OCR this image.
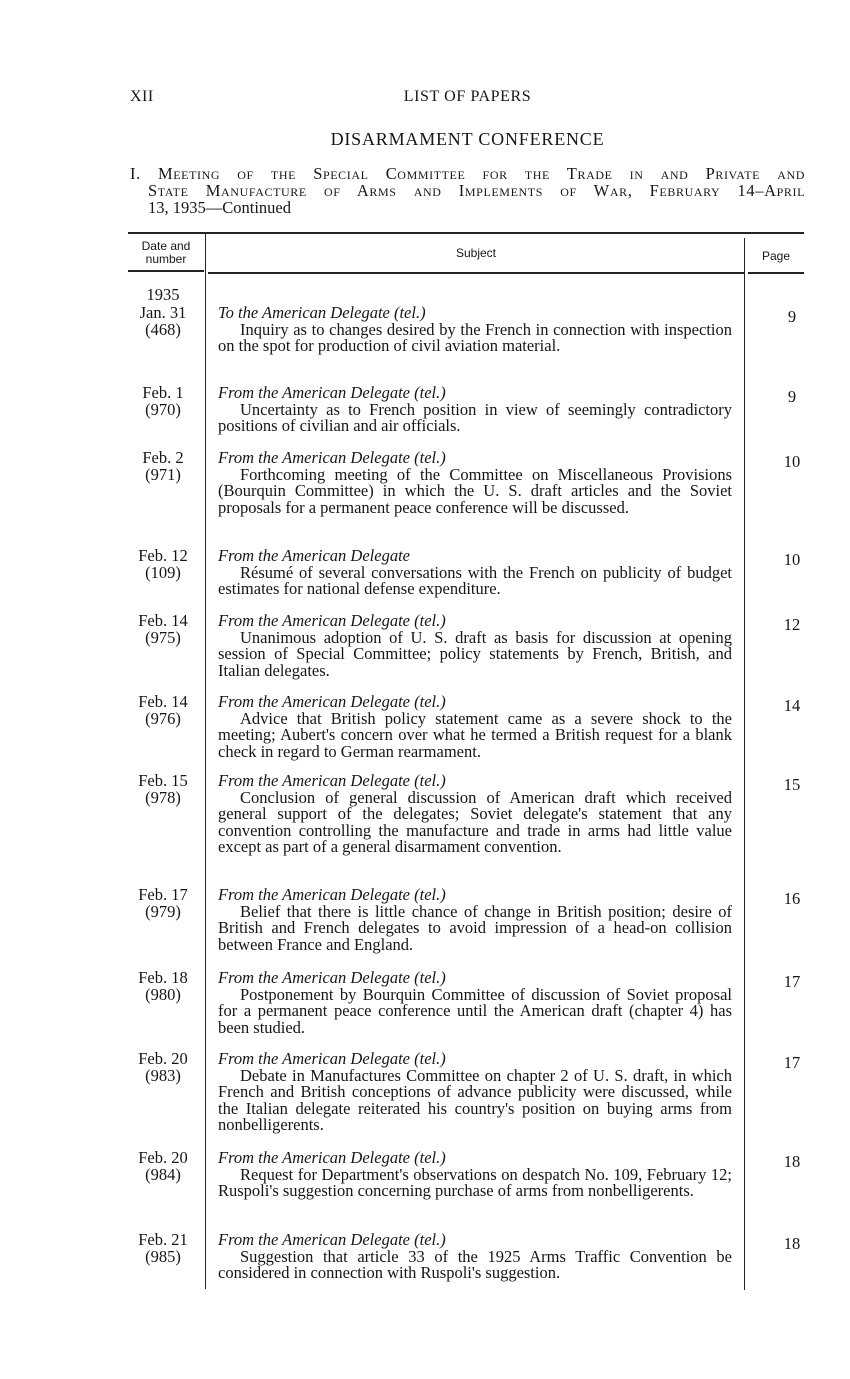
LIST OF PAPERS
XII
DISARMAMENT CONFERENCE
I. Meeting of the Special Committee for the Trade in and Private and
State Manufacture of Arms and Implements of War, February 14–April
13, 1935—Continued
Date and
number	Subject	Page
1935
Jan. 31
(468)
To the American Delegate (tel.)
Inquiry as to changes desired by the French in connection with inspection on the spot for production of civil aviation material.
9
Feb. 1
(970)
From the American Delegate (tel.)
Uncertainty as to French position in view of seemingly contradictory positions of civilian and air officials.
9
Feb. 2
(971)
From the American Delegate (tel.)
Forthcoming meeting of the Committee on Miscellaneous Provisions (Bourquin Committee) in which the U. S. draft articles and the Soviet proposals for a permanent peace conference will be discussed.
10
Feb. 12
(109)
From the American Delegate
Résumé of several conversations with the French on publicity of budget estimates for national defense expenditure.
10
Feb. 14
(975)
From the American Delegate (tel.)
Unanimous adoption of U. S. draft as basis for discussion at opening session of Special Committee; policy statements by French, British, and Italian delegates.
12
Feb. 14
(976)
From the American Delegate (tel.)
Advice that British policy statement came as a severe shock to the meeting; Aubert's concern over what he termed a British request for a blank check in regard to German rearmament.
14
Feb. 15
(978)
From the American Delegate (tel.)
Conclusion of general discussion of American draft which received general support of the delegates; Soviet delegate's statement that any convention controlling the manufacture and trade in arms had little value except as part of a general disarmament convention.
15
Feb. 17
(979)
From the American Delegate (tel.)
Belief that there is little chance of change in British position; desire of British and French delegates to avoid impression of a head-on collision between France and England.
16
Feb. 18
(980)
From the American Delegate (tel.)
Postponement by Bourquin Committee of discussion of Soviet proposal for a permanent peace conference until the American draft (chapter 4) has been studied.
17
Feb. 20
(983)
From the American Delegate (tel.)
Debate in Manufactures Committee on chapter 2 of U. S. draft, in which French and British conceptions of advance publicity were discussed, while the Italian delegate reiterated his country's position on buying arms from nonbelligerents.
17
Feb. 20
(984)
From the American Delegate (tel.)
Request for Department's observations on despatch No. 109, February 12; Ruspoli's suggestion concerning purchase of arms from nonbelligerents.
18
Feb. 21
(985)
From the American Delegate (tel.)
Suggestion that article 33 of the 1925 Arms Traffic Convention be considered in connection with Ruspoli's suggestion.
18
